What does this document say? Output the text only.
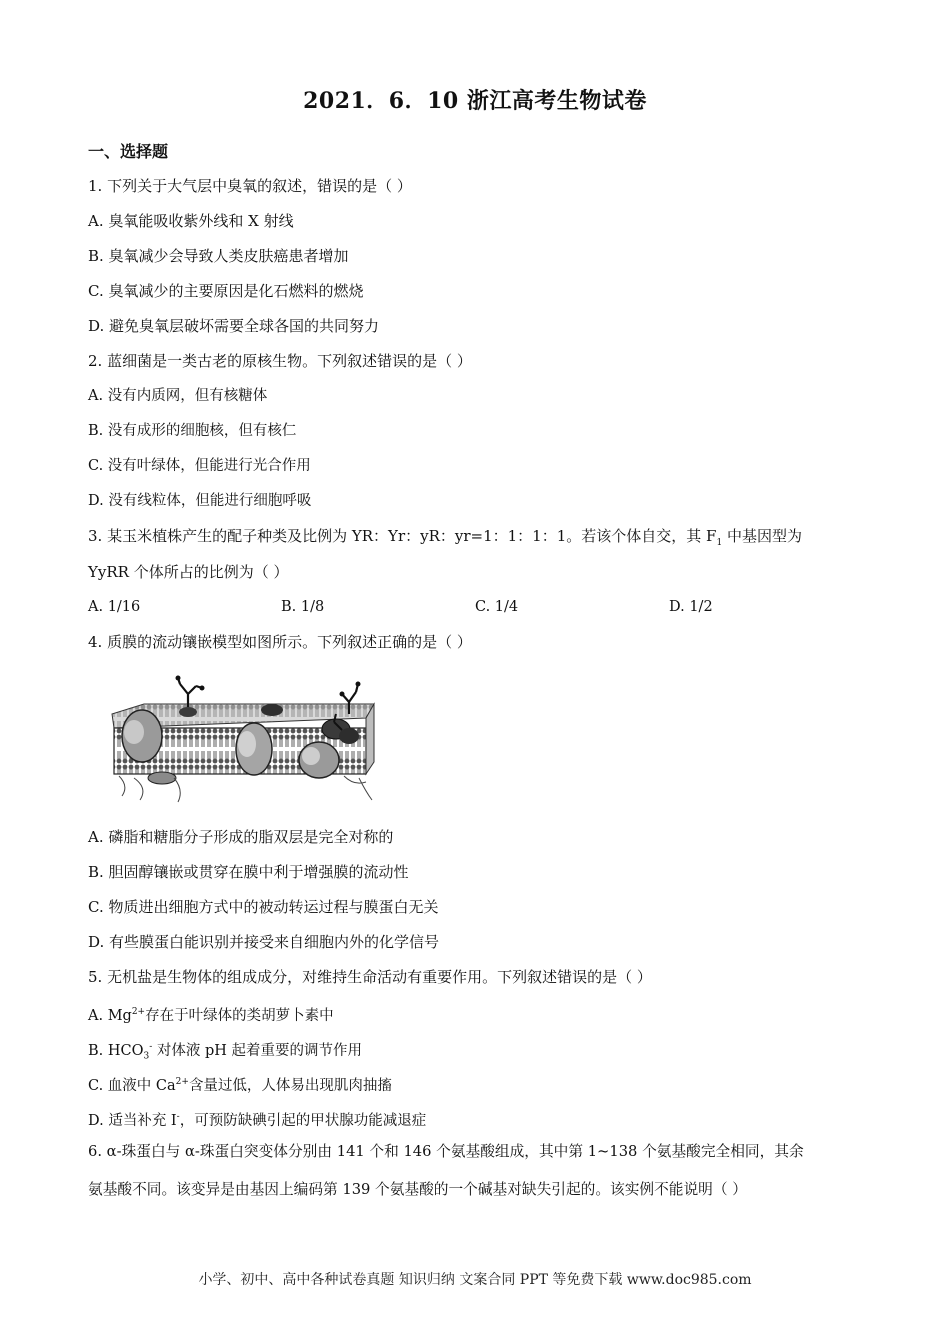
2021．6．10 浙江高考生物试卷
一、选择题
1. 下列关于大气层中臭氧的叙述，错误的是（ ）
A. 臭氧能吸收紫外线和 X 射线
B. 臭氧减少会导致人类皮肤癌患者增加
C. 臭氧减少的主要原因是化石燃料的燃烧
D. 避免臭氧层破坏需要全球各国的共同努力
2. 蓝细菌是一类古老的原核生物。下列叙述错误的是（ ）
A. 没有内质网，但有核糖体
B. 没有成形的细胞核，但有核仁
C. 没有叶绿体，但能进行光合作用
D. 没有线粒体，但能进行细胞呼吸
3. 某玉米植株产生的配子种类及比例为 YR：Yr：yR：yr=1：1：1：1。若该个体自交，其 $F_1$ 中基因型为
YyRR 个体所占的比例为（ ）
A. 1/16	B. 1/8	C. 1/4	D. 1/2
4. 质膜的流动镶嵌模型如图所示。下列叙述正确的是（ ）
A. 磷脂和糖脂分子形成的脂双层是完全对称的
B. 胆固醇镶嵌或贯穿在膜中利于增强膜的流动性
C. 物质进出细胞方式中的被动转运过程与膜蛋白无关
D. 有些膜蛋白能识别并接受来自细胞内外的化学信号
5. 无机盐是生物体的组成成分，对维持生命活动有重要作用。下列叙述错误的是（ ）
A. $Mg^{2+}$存在于叶绿体的类胡萝卜素中
B. $HCO_3^-$ 对体液 pH 起着重要的调节作用
C. 血液中 $Ca^{2+}$含量过低，人体易出现肌肉抽搐
D. 适当补充 I-，可预防缺碘引起的甲状腺功能减退症
6. α-珠蛋白与 α-珠蛋白突变体分别由 141 个和 146 个氨基酸组成，其中第 1~138 个氨基酸完全相同，其余
氨基酸不同。该变异是由基因上编码第 139 个氨基酸的一个碱基对缺失引起的。该实例不能说明（ ）
小学、初中、高中各种试卷真题 知识归纳 文案合同 PPT 等免费下载 www.doc985.com
